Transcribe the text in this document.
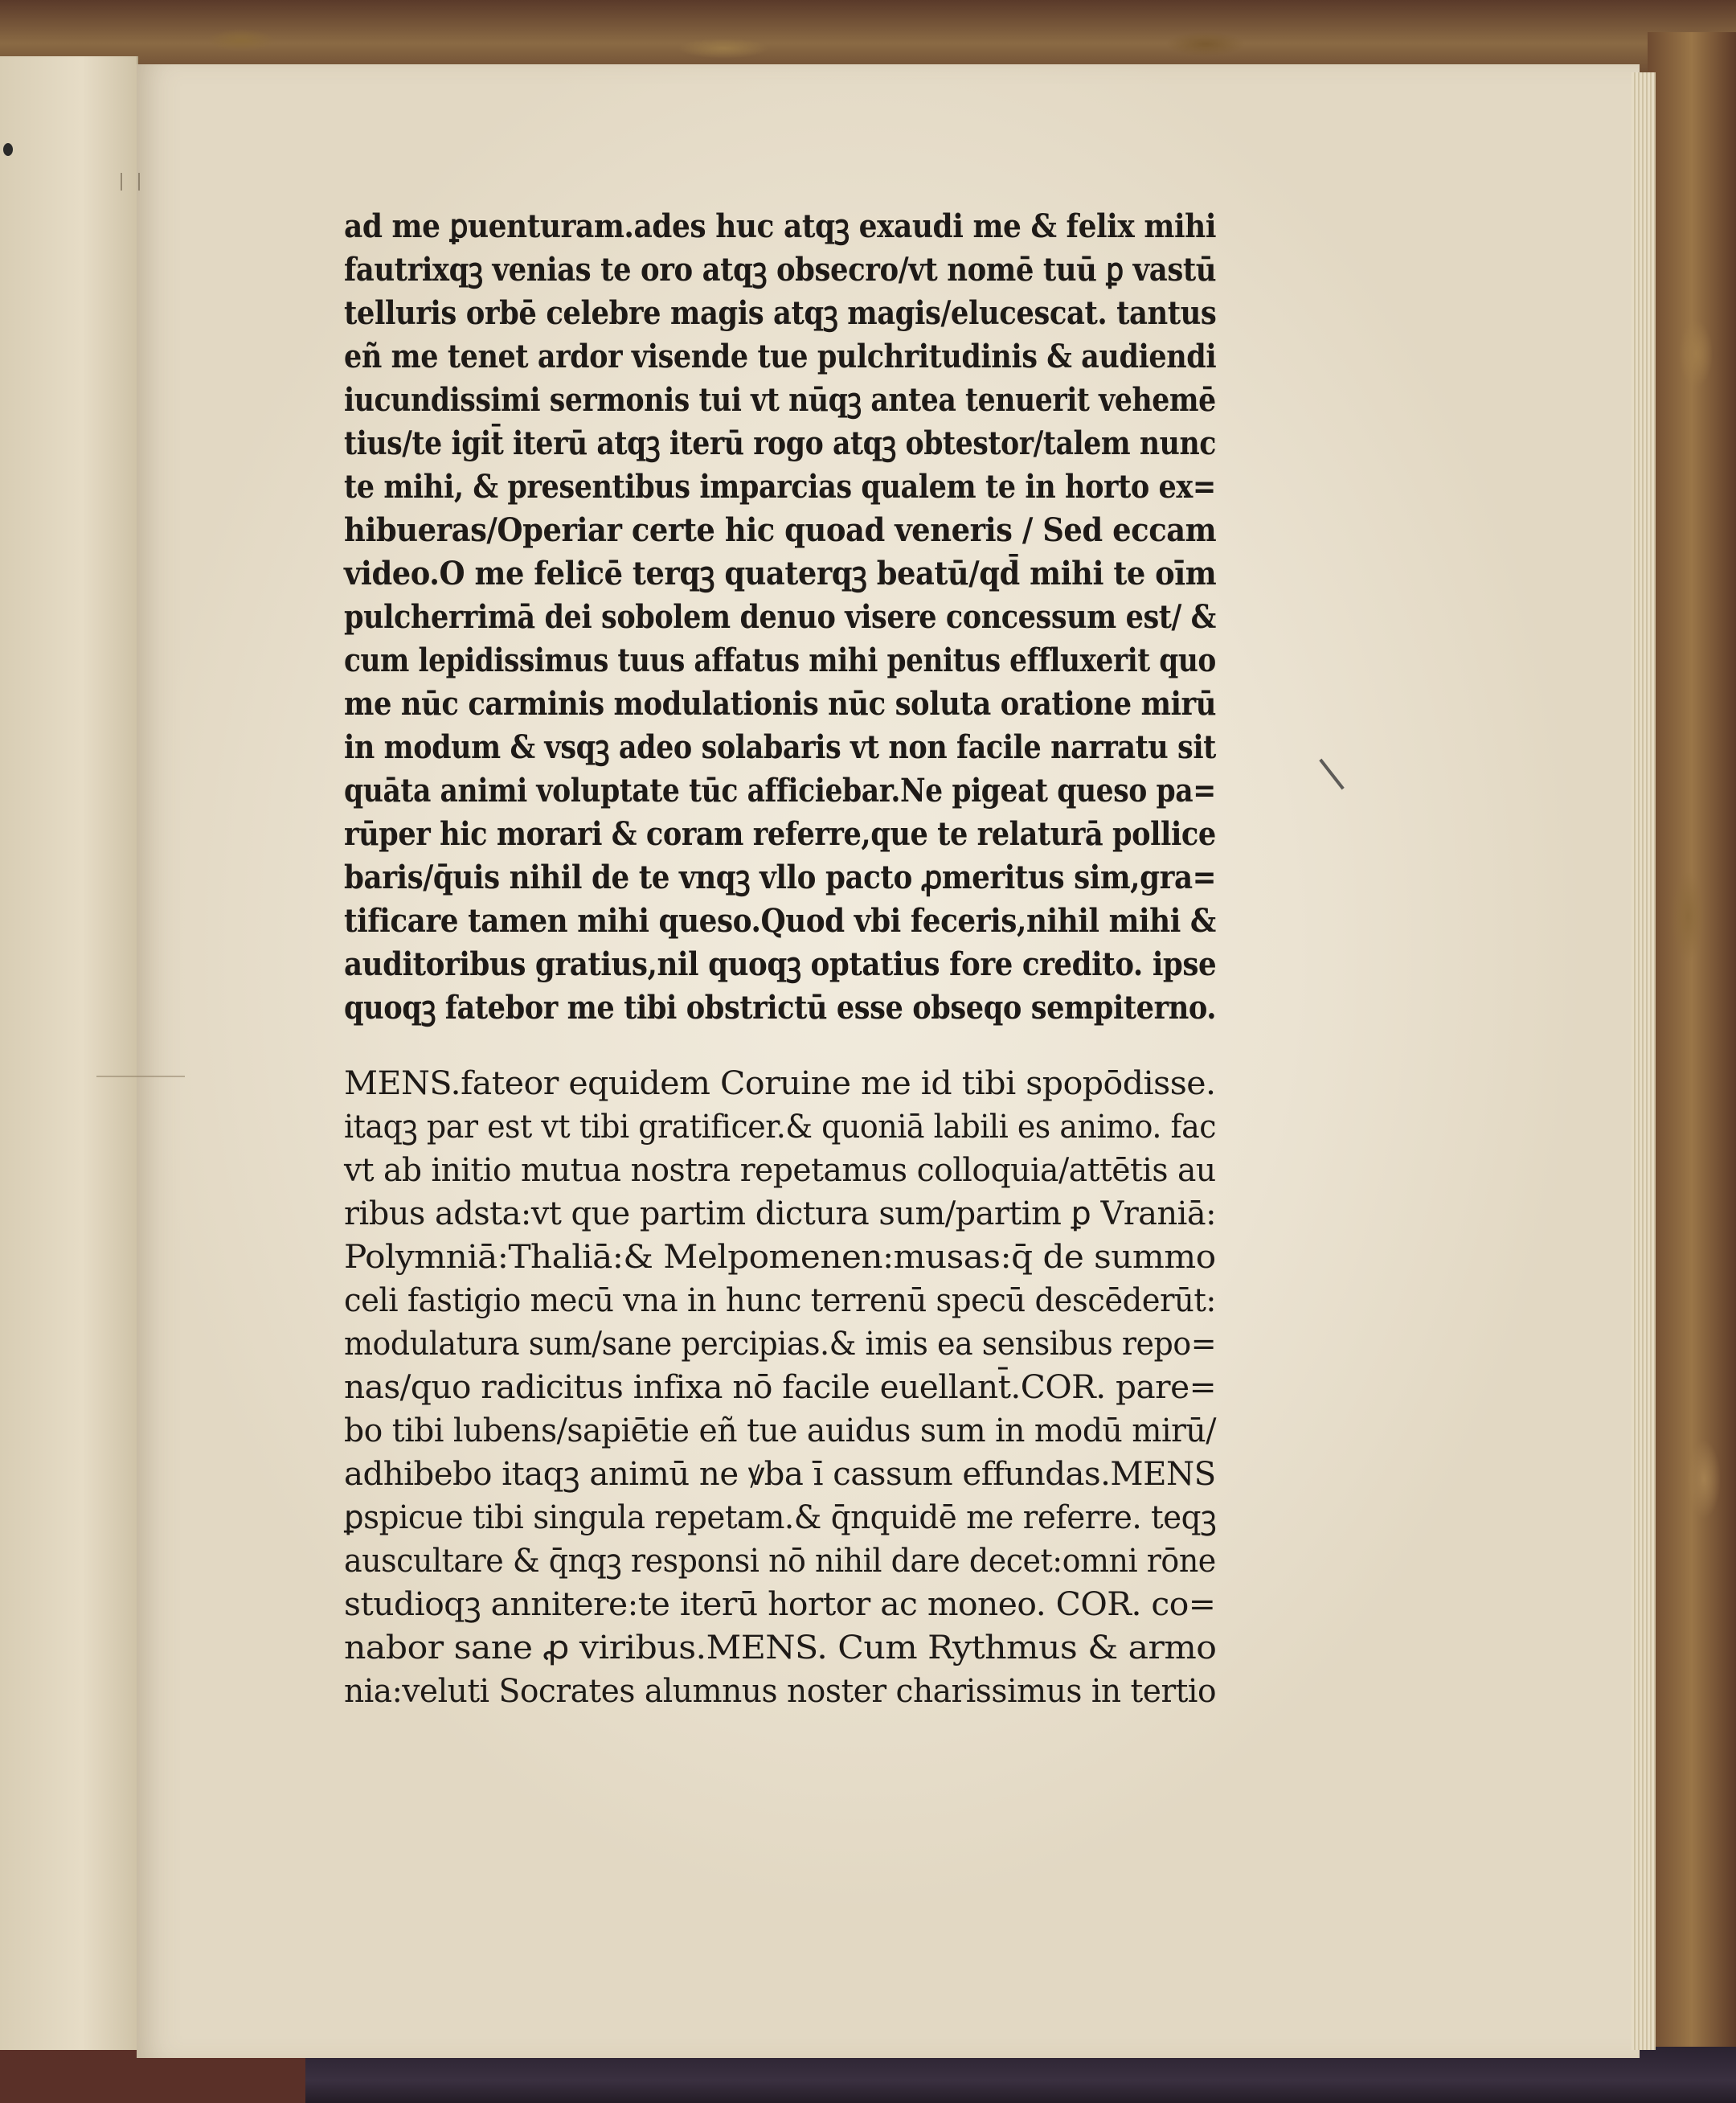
ad me ꝑuenturam.ades huc atqꝫ exaudi me & felix mihi
fautrixqꝫ venias te oro atqꝫ obsecro/vt nomē tuū ꝑ vastū
telluris orbē celebre magis atqꝫ magis/elucescat. tantus
eñ me tenet ardor visende tue pulchritudinis & audiendi
iucundissimi sermonis tui vt nūqꝫ antea tenuerit vehemē
tius/te igit̄ iterū atqꝫ iterū rogo atqꝫ obtestor/talem nunc
te mihi, & presentibus imparcias qualem te in horto ex=
hibueras/Operiar certe hic quoad veneris / Sed eccam
video.O me felicē terqꝫ quaterqꝫ beatū/qd̄ mihi te oīm
pulcherrimā dei sobolem denuo visere concessum est/ &
cum lepidissimus tuus affatus mihi penitus effluxerit quo
me nūc carminis modulationis nūc soluta oratione mirū
in modum & vsqꝫ adeo solabaris vt non facile narratu sit
quāta animi voluptate tūc afficiebar.Ne pigeat queso pa=
rūper hic morari & coram referre,que te relaturā pollice
baris/q̄uis nihil de te vnqꝫ vllo pacto ꝓmeritus sim,gra=
tificare tamen mihi queso.Quod vbi feceris,nihil mihi &
auditoribus gratius,nil quoqꝫ optatius fore credito. ipse
quoqꝫ fatebor me tibi obstrictū esse obseqo sempiterno.
MENS.fateor equidem Coruine me id tibi spopōdisse.
itaqꝫ par est vt tibi gratificer.& quoniā labili es animo. fac
vt ab initio mutua nostra repetamus colloquia/attētis au
ribus adsta:vt que partim dictura sum/partim ꝑ Vraniā:
Polymniā:Thaliā:& Melpomenen:musas:q̄ de summo
celi fastigio mecū vna in hunc terrenū specū descēderūt:
modulatura sum/sane percipias.& imis ea sensibus repo=
nas/quo radicitus infixa nō facile euellant̄.COR. pare=
bo tibi lubens/sapiētie eñ tue auidus sum in modū mirū/
adhibebo itaqꝫ animū ne ꝟba ī cassum effundas.MENS
ꝑspicue tibi singula repetam.& q̄nquidē me referre. teqꝫ
auscultare & q̄nqꝫ responsi nō nihil dare decet:omni rōne
studioqꝫ annitere:te iterū hortor ac moneo. COR. co=
nabor sane ꝓ viribus.MENS. Cum Rythmus & armo
nia:veluti Socrates alumnus noster charissimus in tertio
